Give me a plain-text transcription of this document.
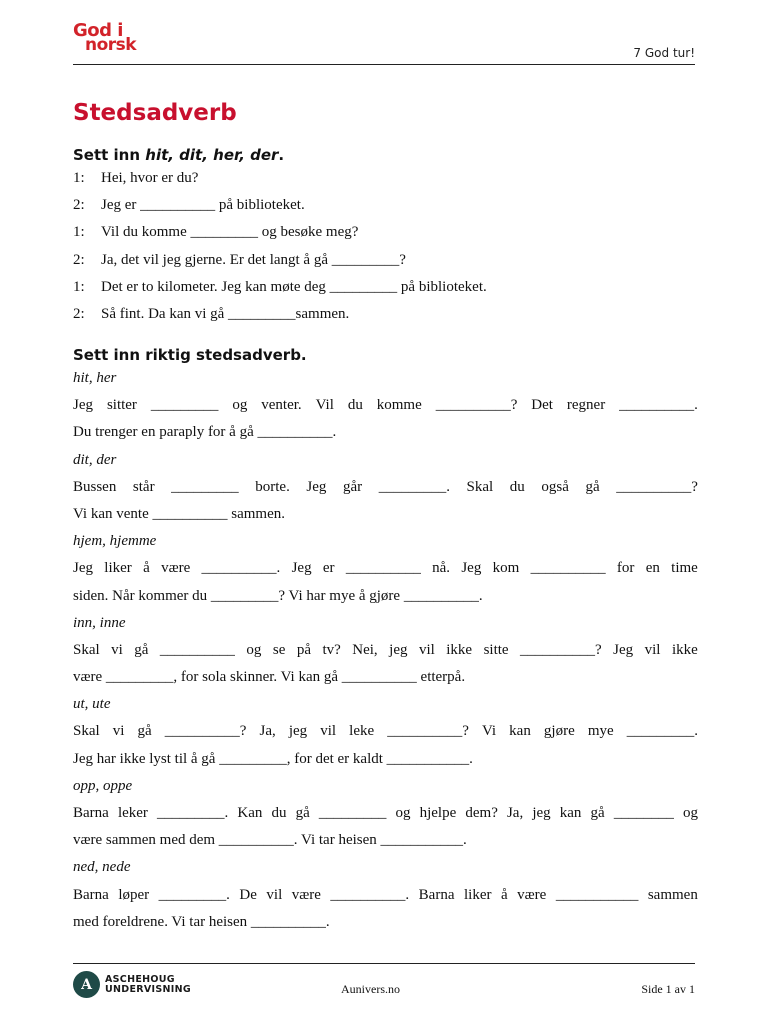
God i
norsk	7 God tur!
Stedsadverb

Sett inn hit, dit, her, der.

1:	Hei, hvor er du?
2:	Jeg er __________ på biblioteket.
1:	Vil du komme _________ og besøke meg?
2:	Ja, det vil jeg gjerne. Er det langt å gå _________?
1:	Det er to kilometer. Jeg kan møte deg _________ på biblioteket.
2:	Så fint. Da kan vi gå _________sammen.

Sett inn riktig stedsadverb.

hit, her
Jeg sitter _________ og venter. Vil du komme __________? Det regner __________.
Du trenger en paraply for å gå __________.
dit, der
Bussen står _________ borte. Jeg går _________. Skal du også gå __________?
Vi kan vente __________ sammen.
hjem, hjemme
Jeg liker å være __________. Jeg er __________ nå. Jeg kom __________ for en time
siden. Når kommer du _________? Vi har mye å gjøre __________.
inn, inne
Skal vi gå __________ og se på tv? Nei, jeg vil ikke sitte __________? Jeg vil ikke
være _________, for sola skinner. Vi kan gå __________ etterpå.
ut, ute
Skal vi gå __________? Ja, jeg vil leke __________? Vi kan gjøre mye _________.
Jeg har ikke lyst til å gå _________, for det er kaldt ___________.
opp, oppe
Barna leker _________. Kan du gå _________ og hjelpe dem? Ja, jeg kan gå ________ og
være sammen med dem __________. Vi tar heisen ___________.
ned, nede
Barna løper _________. De vil være __________. Barna liker å være ___________ sammen
med foreldrene. Vi tar heisen __________.
A	ASCHEHOUG
UNDERVISNING	Aunivers.no	Side 1 av 1
